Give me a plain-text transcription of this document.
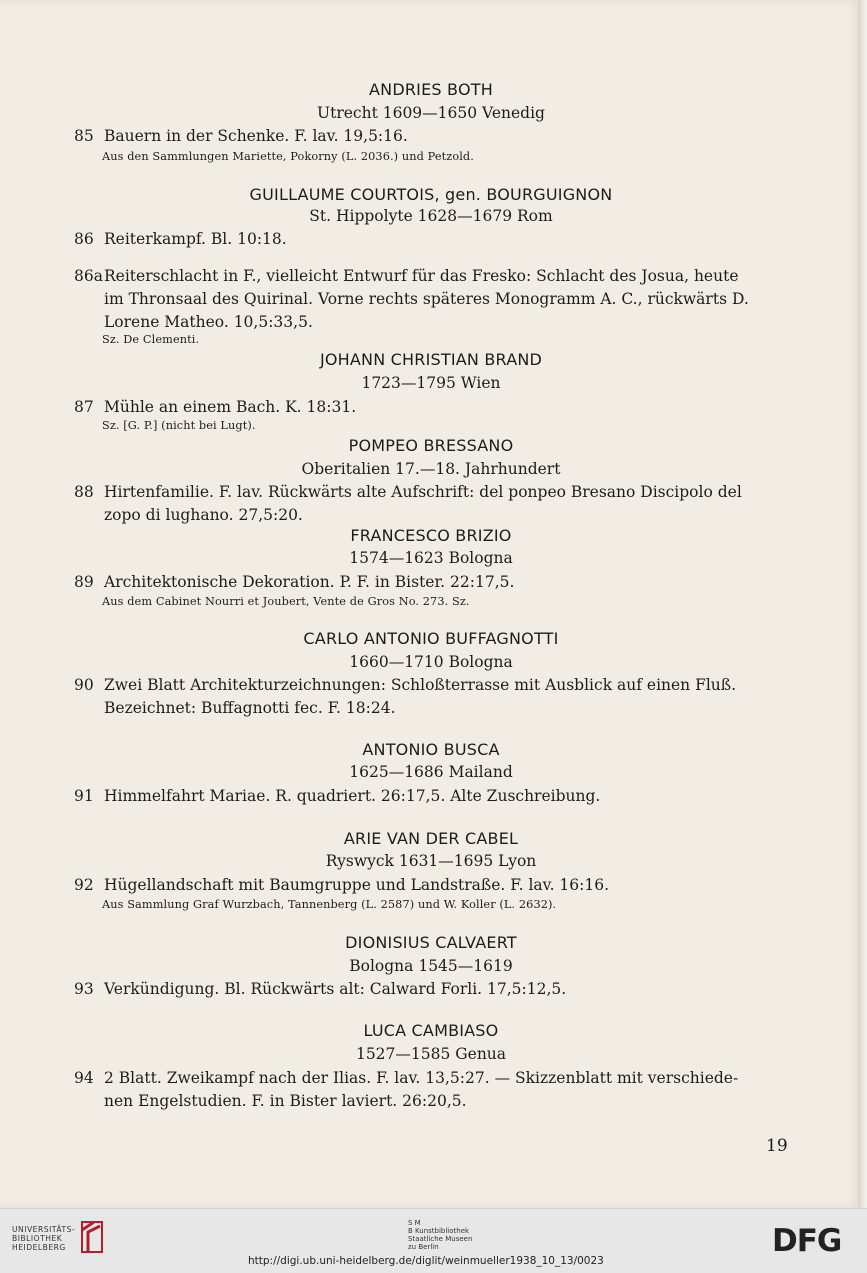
ANDRIES BOTH
Utrecht 1609—1650 Venedig
85 Bauern in der Schenke. F. lav. 19,5:16.
Aus den Sammlungen Mariette, Pokorny (L. 2036.) und Petzold.
GUILLAUME COURTOIS, gen. BOURGUIGNON
St. Hippolyte 1628—1679 Rom
86 Reiterkampf. Bl. 10:18.
86aReiterschlacht in F., vielleicht Entwurf für das Fresko: Schlacht des Josua, heute
im Thronsaal des Quirinal. Vorne rechts späteres Monogramm A. C., rückwärts D.
Lorene Matheo. 10,5:33,5.
Sz. De Clementi.
JOHANN CHRISTIAN BRAND
1723—1795 Wien
87 Mühle an einem Bach. K. 18:31.
Sz. [G. P.] (nicht bei Lugt).
POMPEO BRESSANO
Oberitalien 17.—18. Jahrhundert
88 Hirtenfamilie. F. lav. Rückwärts alte Aufschrift: del ponpeo Bresano Discipolo del
zopo di lughano. 27,5:20.
FRANCESCO BRIZIO
1574—1623 Bologna
89 Architektonische Dekoration. P. F. in Bister. 22:17,5.
Aus dem Cabinet Nourri et Joubert, Vente de Gros No. 273. Sz.
CARLO ANTONIO BUFFAGNOTTI
1660—1710 Bologna
90 Zwei Blatt Architekturzeichnungen: Schloßterrasse mit Ausblick auf einen Fluß.
Bezeichnet: Buffagnotti fec. F. 18:24.
ANTONIO BUSCA
1625—1686 Mailand
91 Himmelfahrt Mariae. R. quadriert. 26:17,5. Alte Zuschreibung.
ARIE VAN DER CABEL
Ryswyck 1631—1695 Lyon
92 Hügellandschaft mit Baumgruppe und Landstraße. F. lav. 16:16.
Aus Sammlung Graf Wurzbach, Tannenberg (L. 2587) und W. Koller (L. 2632).
DIONISIUS CALVAERT
Bologna 1545—1619
93 Verkündigung. Bl. Rückwärts alt: Calward Forli. 17,5:12,5.
LUCA CAMBIASO
1527—1585 Genua
94 2 Blatt. Zweikampf nach der Ilias. F. lav. 13,5:27. — Skizzenblatt mit verschiede-
nen Engelstudien. F. in Bister laviert. 26:20,5.
19
UNIVERSITÄTS-
BIBLIOTHEK
HEIDELBERG
S M
B Kunstbibliothek
Staatliche Museen
zu Berlin	DFG
http://digi.ub.uni-heidelberg.de/diglit/weinmueller1938_10_13/0023
